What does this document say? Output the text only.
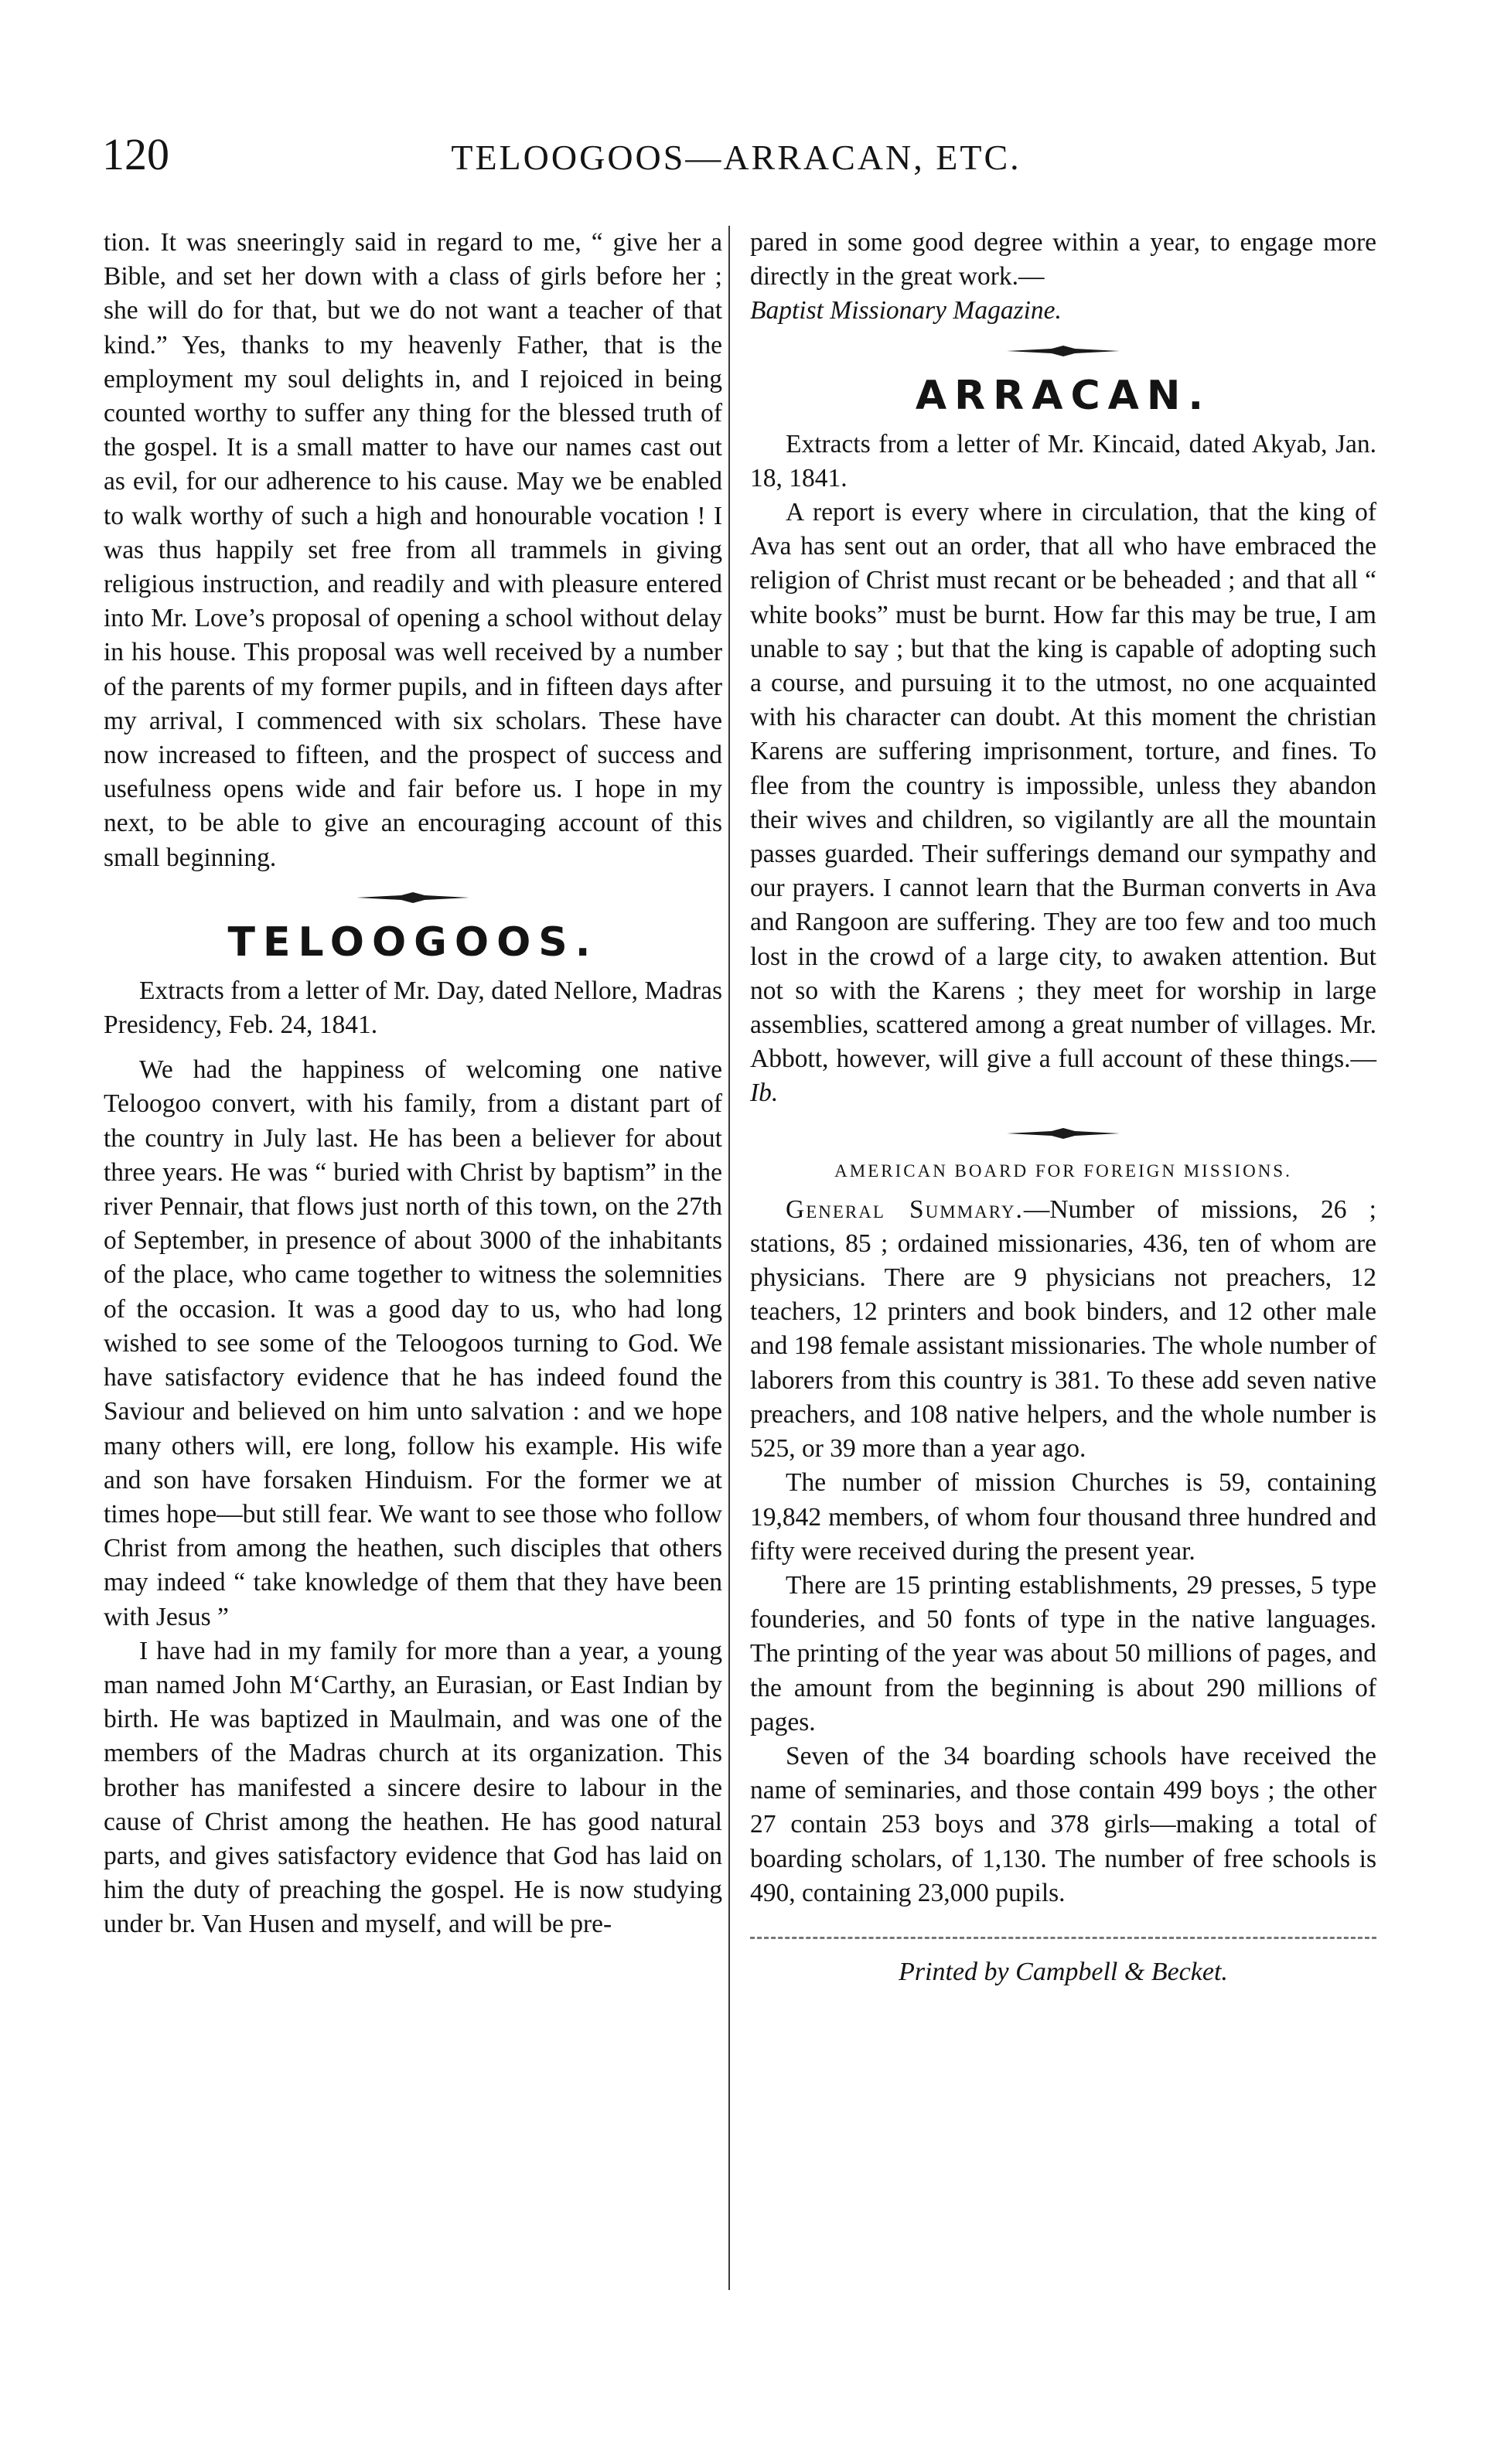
120	TELOOGOOS—ARRACAN, ETC.

tion. It was sneeringly said in regard to me, “ give her a Bible, and set her down with a class of girls before her ; she will do for that, but we do not want a teacher of that kind.” Yes, thanks to my heavenly Father, that is the employment my soul delights in, and I rejoiced in being counted worthy to suffer any thing for the blessed truth of the gospel. It is a small matter to have our names cast out as evil, for our adherence to his cause. May we be enabled to walk worthy of such a high and honourable vocation ! I was thus happily set free from all trammels in giving religious instruction, and readily and with pleasure entered into Mr. Love’s proposal of opening a school without delay in his house. This proposal was well received by a number of the parents of my former pupils, and in fifteen days after my arrival, I commenced with six scholars. These have now increased to fifteen, and the prospect of success and usefulness opens wide and fair before us. I hope in my next, to be able to give an encouraging account of this small beginning.

TELOOGOOS.

Extracts from a letter of Mr. Day, dated Nellore, Madras Presidency, Feb. 24, 1841.

We had the happiness of welcoming one native Teloogoo convert, with his family, from a distant part of the country in July last. He has been a believer for about three years. He was “ buried with Christ by baptism” in the river Pennair, that flows just north of this town, on the 27th of September, in presence of about 3000 of the inhabitants of the place, who came together to witness the solemnities of the occasion. It was a good day to us, who had long wished to see some of the Teloogoos turning to God. We have satisfactory evidence that he has indeed found the Saviour and believed on him unto salvation : and we hope many others will, ere long, follow his example. His wife and son have forsaken Hinduism. For the former we at times hope—but still fear. We want to see those who follow Christ from among the heathen, such disciples that others may indeed “ take knowledge of them that they have been with Jesus ”

I have had in my family for more than a year, a young man named John M‘Carthy, an Eurasian, or East Indian by birth. He was baptized in Maulmain, and was one of the members of the Madras church at its organization. This brother has manifested a sincere desire to labour in the cause of Christ among the heathen. He has good natural parts, and gives satisfactory evidence that God has laid on him the duty of preaching the gospel. He is now studying under br. Van Husen and myself, and will be pre-

pared in some good degree within a year, to engage more directly in the great work.—

Baptist Missionary Magazine.

ARRACAN.

Extracts from a letter of Mr. Kincaid, dated Akyab, Jan. 18, 1841.

A report is every where in circulation, that the king of Ava has sent out an order, that all who have embraced the religion of Christ must recant or be beheaded ; and that all “ white books” must be burnt. How far this may be true, I am unable to say ; but that the king is capable of adopting such a course, and pursuing it to the utmost, no one acquainted with his character can doubt. At this moment the christian Karens are suffering imprisonment, torture, and fines. To flee from the country is impossible, unless they abandon their wives and children, so vigilantly are all the mountain passes guarded. Their sufferings demand our sympathy and our prayers. I cannot learn that the Burman converts in Ava and Rangoon are suffering. They are too few and too much lost in the crowd of a large city, to awaken attention. But not so with the Karens ; they meet for worship in large assemblies, scattered among a great number of villages. Mr. Abbott, however, will give a full account of these things.—Ib.

AMERICAN BOARD FOR FOREIGN MISSIONS.

General Summary.—Number of missions, 26 ; stations, 85 ; ordained missionaries, 436, ten of whom are physicians. There are 9 physicians not preachers, 12 teachers, 12 printers and book binders, and 12 other male and 198 female assistant missionaries. The whole number of laborers from this country is 381. To these add seven native preachers, and 108 native helpers, and the whole number is 525, or 39 more than a year ago.

The number of mission Churches is 59, containing 19,842 members, of whom four thousand three hundred and fifty were received during the present year.

There are 15 printing establishments, 29 presses, 5 type founderies, and 50 fonts of type in the native languages. The printing of the year was about 50 millions of pages, and the amount from the beginning is about 290 millions of pages.

Seven of the 34 boarding schools have received the name of seminaries, and those contain 499 boys ; the other 27 contain 253 boys and 378 girls—making a total of boarding scholars, of 1,130. The number of free schools is 490, containing 23,000 pupils.

Printed by Campbell & Becket.
